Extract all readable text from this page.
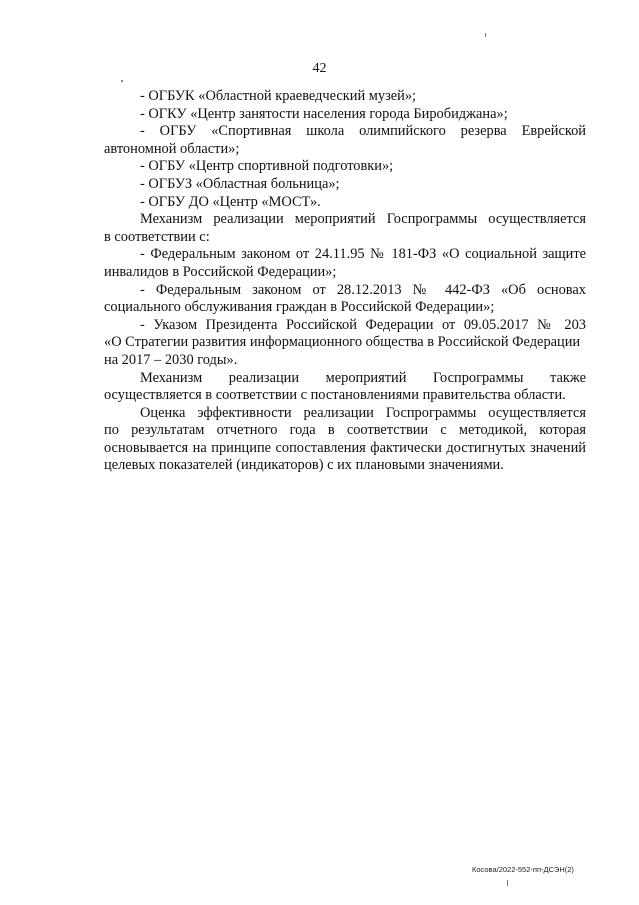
42
- ОГБУК «Областной краеведческий музей»;
- ОГКУ «Центр занятости населения города Биробиджана»;
- ОГБУ «Спортивная школа олимпийского резерва Еврейской
автономной области»;
- ОГБУ «Центр спортивной подготовки»;
- ОГБУЗ «Областная больница»;
- ОГБУ ДО «Центр «МОСТ».
Механизм реализации мероприятий Госпрограммы осуществляется
в соответствии с:
- Федеральным законом от 24.11.95 № 181-ФЗ «О социальной защите
инвалидов в Российской Федерации»;
- Федеральным законом от 28.12.2013 № 442-ФЗ «Об основах
социального обслуживания граждан в Российской Федерации»;
- Указом Президента Российской Федерации от 09.05.2017 № 203
«О Стратегии развития информационного общества в Российской Федерации
на 2017 – 2030 годы».
Механизм реализации мероприятий Госпрограммы также
осуществляется в соответствии с постановлениями правительства области.
Оценка эффективности реализации Госпрограммы осуществляется
по результатам отчетного года в соответствии с методикой, которая
основывается на принципе сопоставления фактически достигнутых значений
целевых показателей (индикаторов) с их плановыми значениями.
Косова/2022-552-пп-ДСЭН(2)
